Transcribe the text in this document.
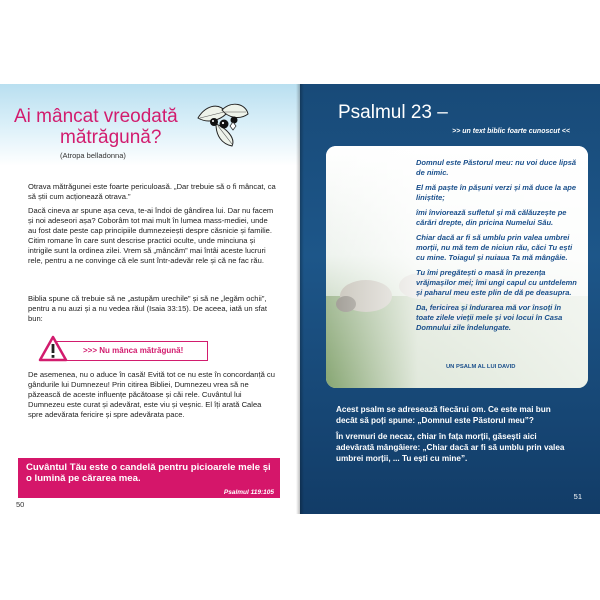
Ai mâncat vreodată
mătrăgună?
(Atropa belladonna)
Otrava mătrăgunei este foarte periculoasă. „Dar trebuie să o fi mâncat, ca să știi cum acționează otrava.”
Dacă cineva ar spune așa ceva, te-ai îndoi de gândirea lui. Dar nu facem și noi adeseori așa? Coborâm tot mai mult în lumea mass-mediei, unde au fost date peste cap principiile dumnezeiești despre căsnicie și familie. Citim romane în care sunt descrise practici oculte, unde minciuna și intrigile sunt la ordinea zilei. Vrem să „mâncăm” mai întâi aceste lucruri rele, pentru a ne convinge că ele sunt într-adevăr rele și că ne fac rău.
Biblia spune că trebuie să ne „astupăm urechile” și să ne „legăm ochii”, pentru a nu auzi și a nu vedea răul (Isaia 33:15). De aceea, iată un sfat bun:
>>> Nu mânca mătrăgună!
De asemenea, nu o aduce în casă! Evită tot ce nu este în concordanță cu gândurile lui Dumnezeu! Prin citirea Bibliei, Dumnezeu vrea să ne păzească de aceste influențe păcătoase și căi rele. Cuvântul lui Dumnezeu este curat și adevărat, este viu și veșnic. El îți arată Calea spre adevărata fericire și spre adevărata pace.
Cuvântul Tău este o candelă pentru picioarele mele și o lumină pe cărarea mea.
Psalmul 119:105
50
Psalmul 23 –
>> un text biblic foarte cunoscut <<

Domnul este Păstorul meu: nu voi duce lipsă de nimic.

El mă paște în pășuni verzi și mă duce la ape liniștite;

îmi înviorează sufletul și mă călăuzește pe cărări drepte, din pricina Numelui Său.

Chiar dacă ar fi să umblu prin valea umbrei morții, nu mă tem de niciun rău, căci Tu ești cu mine. Toiagul și nuiaua Ta mă mângâie.

Tu îmi pregătești o masă în prezența vrăjmașilor mei; îmi ungi capul cu untdelemn și paharul meu este plin de dă pe deasupra.

Da, fericirea și îndurarea mă vor însoți în toate zilele vieții mele și voi locui în Casa Domnului zile îndelungate.

UN PSALM AL LUI DAVID

Acest psalm se adresează fiecărui om. Ce este mai bun decât să poți spune: „Domnul este Păstorul meu”?

În vremuri de necaz, chiar în fața morții, găsești aici adevărată mângâiere: „Chiar dacă ar fi să umblu prin valea umbrei morții, ... Tu ești cu mine”.

51
